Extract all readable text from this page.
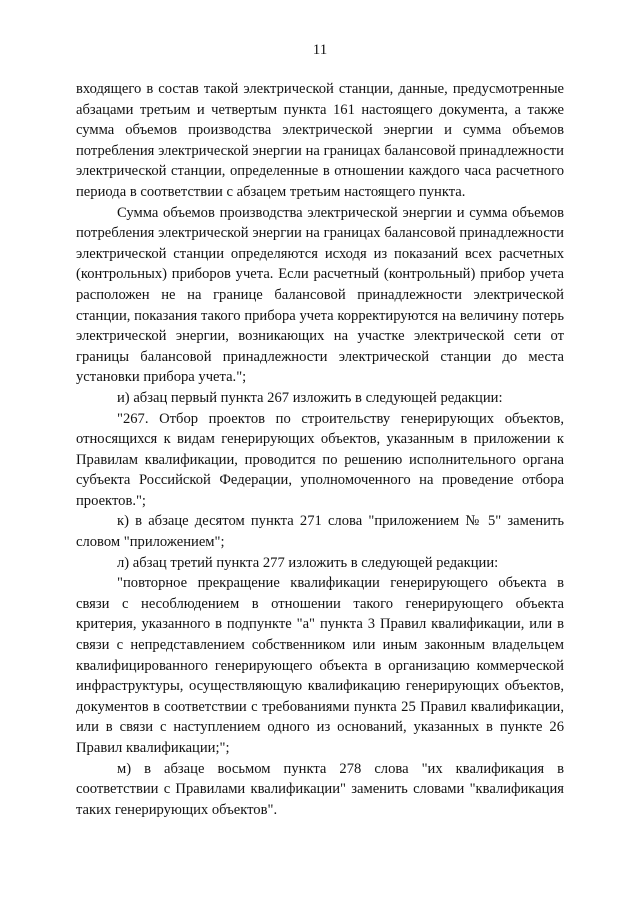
11

входящего в состав такой электрической станции, данные, предусмотренные абзацами третьим и четвертым пункта 161 настоящего документа, а также сумма объемов производства электрической энергии и сумма объемов потребления электрической энергии на границах балансовой принадлежности электрической станции, определенные в отношении каждого часа расчетного периода в соответствии с абзацем третьим настоящего пункта.

Сумма объемов производства электрической энергии и сумма объемов потребления электрической энергии на границах балансовой принадлежности электрической станции определяются исходя из показаний всех расчетных (контрольных) приборов учета. Если расчетный (контрольный) прибор учета расположен не на границе балансовой принадлежности электрической станции, показания такого прибора учета корректируются на величину потерь электрической энергии, возникающих на участке электрической сети от границы балансовой принадлежности электрической станции до места установки прибора учета.";

и) абзац первый пункта 267 изложить в следующей редакции:

"267. Отбор проектов по строительству генерирующих объектов, относящихся к видам генерирующих объектов, указанным в приложении к Правилам квалификации, проводится по решению исполнительного органа субъекта Российской Федерации, уполномоченного на проведение отбора проектов.";

к) в абзаце десятом пункта 271 слова "приложением № 5" заменить словом "приложением";

л) абзац третий пункта 277 изложить в следующей редакции:

"повторное прекращение квалификации генерирующего объекта в связи с несоблюдением в отношении такого генерирующего объекта критерия, указанного в подпункте "а" пункта 3 Правил квалификации, или в связи с непредставлением собственником или иным законным владельцем квалифицированного генерирующего объекта в организацию коммерческой инфраструктуры, осуществляющую квалификацию генерирующих объектов, документов в соответствии с требованиями пункта 25 Правил квалификации, или в связи с наступлением одного из оснований, указанных в пункте 26 Правил квалификации;";

м) в абзаце восьмом пункта 278 слова "их квалификация в соответствии с Правилами квалификации" заменить словами "квалификация таких генерирующих объектов".
